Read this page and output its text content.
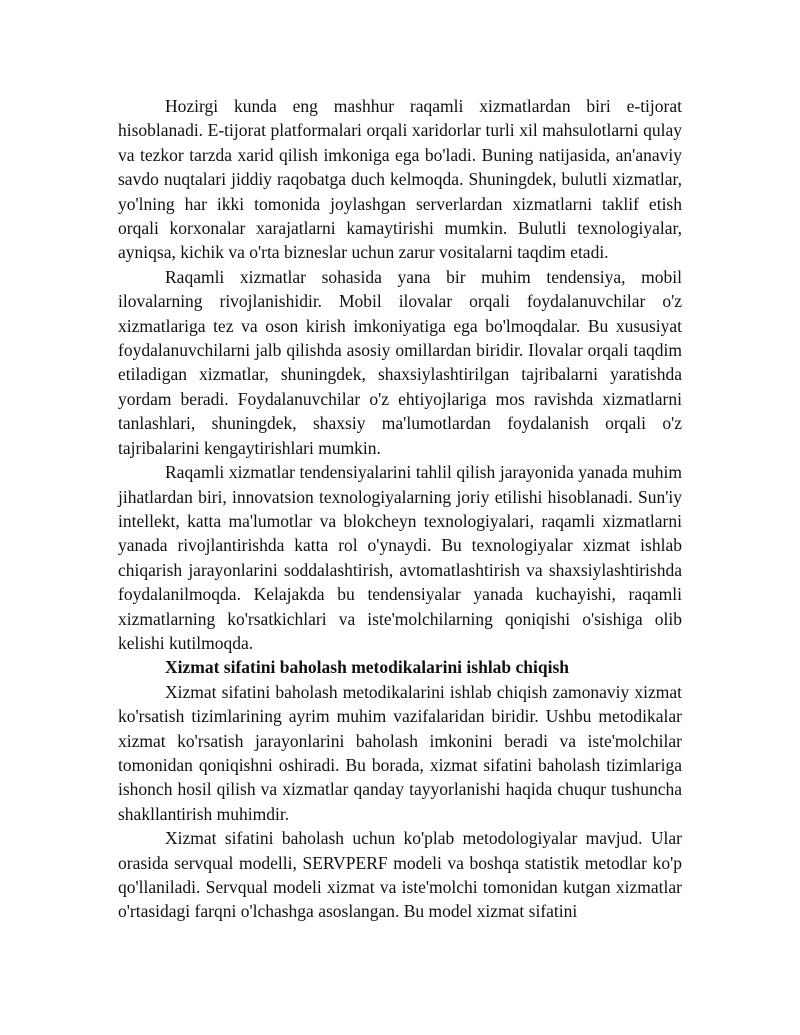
Hozirgi kunda eng mashhur raqamli xizmatlardan biri e-tijorat hisoblanadi. E-tijorat platformalari orqali xaridorlar turli xil mahsulotlarni qulay va tezkor tarzda xarid qilish imkoniga ega bo'ladi. Buning natijasida, an'anaviy savdo nuqtalari jiddiy raqobatga duch kelmoqda. Shuningdek, bulutli xizmatlar, yo'lning har ikki tomonida joylashgan serverlardan xizmatlarni taklif etish orqali korxonalar xarajatlarni kamaytirishi mumkin. Bulutli texnologiyalar, ayniqsa, kichik va o'rta bizneslar uchun zarur vositalarni taqdim etadi.

Raqamli xizmatlar sohasida yana bir muhim tendensiya, mobil ilovalarning rivojlanishidir. Mobil ilovalar orqali foydalanuvchilar o'z xizmatlariga tez va oson kirish imkoniyatiga ega bo'lmoqdalar. Bu xususiyat foydalanuvchilarni jalb qilishda asosiy omillardan biridir. Ilovalar orqali taqdim etiladigan xizmatlar, shuningdek, shaxsiylashtirilgan tajribalarni yaratishda yordam beradi. Foydalanuvchilar o'z ehtiyojlariga mos ravishda xizmatlarni tanlashlari, shuningdek, shaxsiy ma'lumotlardan foydalanish orqali o'z tajribalarini kengaytirishlari mumkin.

Raqamli xizmatlar tendensiyalarini tahlil qilish jarayonida yanada muhim jihatlardan biri, innovatsion texnologiyalarning joriy etilishi hisoblanadi. Sun'iy intellekt, katta ma'lumotlar va blokcheyn texnologiyalari, raqamli xizmatlarni yanada rivojlantirishda katta rol o'ynaydi. Bu texnologiyalar xizmat ishlab chiqarish jarayonlarini soddalashtirish, avtomatlashtirish va shaxsiylashtirishda foydalanilmoqda. Kelajakda bu tendensiyalar yanada kuchayishi, raqamli xizmatlarning ko'rsatkichlari va iste'molchilarning qoniqishi o'sishiga olib kelishi kutilmoqda.

Xizmat sifatini baholash metodikalarini ishlab chiqish

Xizmat sifatini baholash metodikalarini ishlab chiqish zamonaviy xizmat ko'rsatish tizimlarining ayrim muhim vazifalaridan biridir. Ushbu metodikalar xizmat ko'rsatish jarayonlarini baholash imkonini beradi va iste'molchilar tomonidan qoniqishni oshiradi. Bu borada, xizmat sifatini baholash tizimlariga ishonch hosil qilish va xizmatlar qanday tayyorlanishi haqida chuqur tushuncha shakllantirish muhimdir.

Xizmat sifatini baholash uchun ko'plab metodologiyalar mavjud. Ular orasida servqual modelli, SERVPERF modeli va boshqa statistik metodlar ko'p qo'llaniladi. Servqual modeli xizmat va iste'molchi tomonidan kutgan xizmatlar o'rtasidagi farqni o'lchashga asoslangan. Bu model xizmat sifatini
